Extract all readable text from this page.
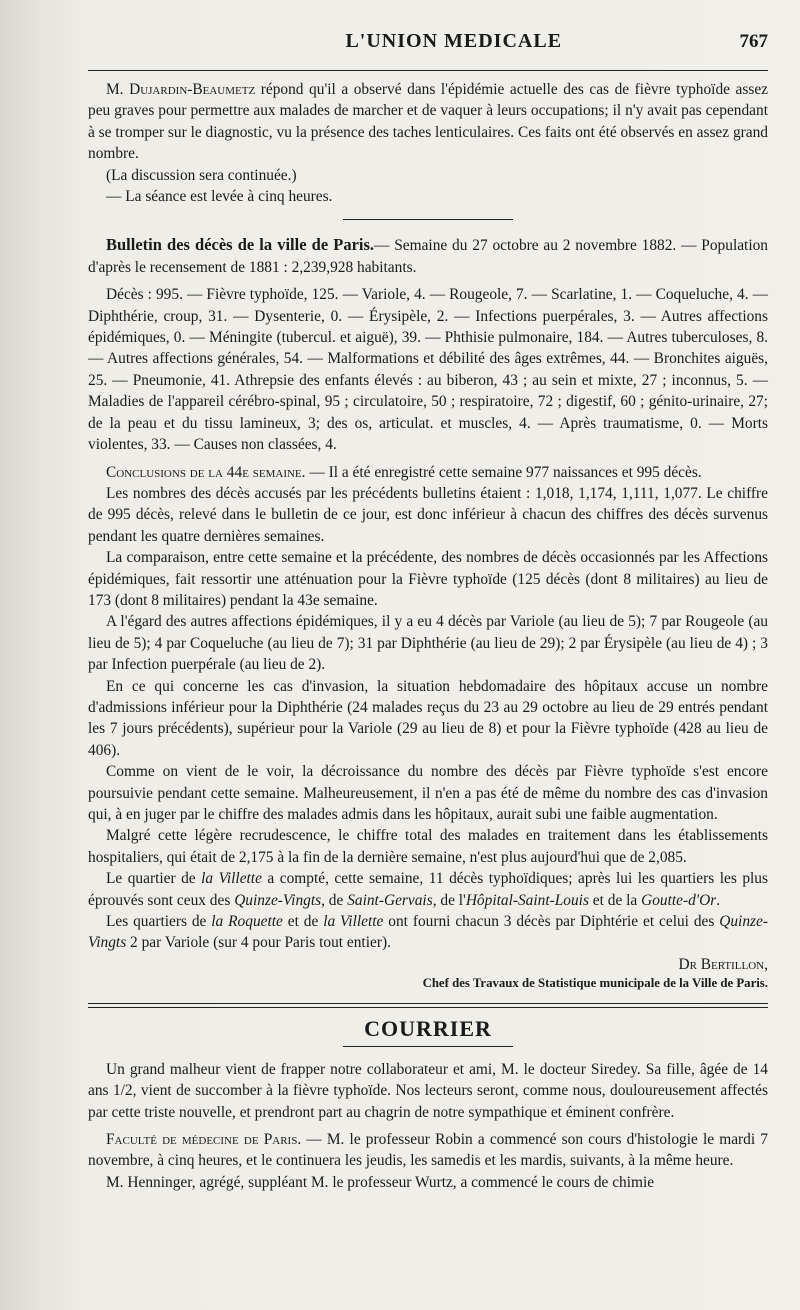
L'UNION MEDICALE	767

M. Dujardin-Beaumetz répond qu'il a observé dans l'épidémie actuelle des cas de fièvre typhoïde assez peu graves pour permettre aux malades de marcher et de vaquer à leurs occupations; il n'y avait pas cependant à se tromper sur le diagnostic, vu la présence des taches lenticulaires. Ces faits ont été observés en assez grand nombre.

(La discussion sera continuée.)

— La séance est levée à cinq heures.

Bulletin des décès de la ville de Paris.— Semaine du 27 octobre au 2 novembre 1882. — Population d'après le recensement de 1881 : 2,239,928 habitants.

Décès : 995. — Fièvre typhoïde, 125. — Variole, 4. — Rougeole, 7. — Scarlatine, 1. — Coqueluche, 4. — Diphthérie, croup, 31. — Dysenterie, 0. — Érysipèle, 2. — Infections puerpérales, 3. — Autres affections épidémiques, 0. — Méningite (tubercul. et aiguë), 39. — Phthisie pulmonaire, 184. — Autres tuberculoses, 8. — Autres affections générales, 54. — Malformations et débilité des âges extrêmes, 44. — Bronchites aiguës, 25. — Pneumonie, 41. Athrepsie des enfants élevés : au biberon, 43 ; au sein et mixte, 27 ; inconnus, 5. — Maladies de l'appareil cérébro-spinal, 95 ; circulatoire, 50 ; respiratoire, 72 ; digestif, 60 ; génito-urinaire, 27; de la peau et du tissu lamineux, 3; des os, articulat. et muscles, 4. — Après traumatisme, 0. — Morts violentes, 33. — Causes non classées, 4.

Conclusions de la 44e semaine. — Il a été enregistré cette semaine 977 naissances et 995 décès.

Les nombres des décès accusés par les précédents bulletins étaient : 1,018, 1,174, 1,111, 1,077. Le chiffre de 995 décès, relevé dans le bulletin de ce jour, est donc inférieur à chacun des chiffres des décès survenus pendant les quatre dernières semaines.

La comparaison, entre cette semaine et la précédente, des nombres de décès occasionnés par les Affections épidémiques, fait ressortir une atténuation pour la Fièvre typhoïde (125 décès (dont 8 militaires) au lieu de 173 (dont 8 militaires) pendant la 43e semaine.

A l'égard des autres affections épidémiques, il y a eu 4 décès par Variole (au lieu de 5); 7 par Rougeole (au lieu de 5); 4 par Coqueluche (au lieu de 7); 31 par Diphthérie (au lieu de 29); 2 par Érysipèle (au lieu de 4) ; 3 par Infection puerpérale (au lieu de 2).

En ce qui concerne les cas d'invasion, la situation hebdomadaire des hôpitaux accuse un nombre d'admissions inférieur pour la Diphthérie (24 malades reçus du 23 au 29 octobre au lieu de 29 entrés pendant les 7 jours précédents), supérieur pour la Variole (29 au lieu de 8) et pour la Fièvre typhoïde (428 au lieu de 406).

Comme on vient de le voir, la décroissance du nombre des décès par Fièvre typhoïde s'est encore poursuivie pendant cette semaine. Malheureusement, il n'en a pas été de même du nombre des cas d'invasion qui, à en juger par le chiffre des malades admis dans les hôpitaux, aurait subi une faible augmentation.

Malgré cette légère recrudescence, le chiffre total des malades en traitement dans les établissements hospitaliers, qui était de 2,175 à la fin de la dernière semaine, n'est plus aujourd'hui que de 2,085.

Le quartier de la Villette a compté, cette semaine, 11 décès typhoïdiques; après lui les quartiers les plus éprouvés sont ceux des Quinze-Vingts, de Saint-Gervais, de l'Hôpital-Saint-Louis et de la Goutte-d'Or.

Les quartiers de la Roquette et de la Villette ont fourni chacun 3 décès par Diphtérie et celui des Quinze-Vingts 2 par Variole (sur 4 pour Paris tout entier).

Dr Bertillon,
Chef des Travaux de Statistique municipale de la Ville de Paris.
COURRIER

Un grand malheur vient de frapper notre collaborateur et ami, M. le docteur Siredey. Sa fille, âgée de 14 ans 1/2, vient de succomber à la fièvre typhoïde. Nos lecteurs seront, comme nous, douloureusement affectés par cette triste nouvelle, et prendront part au chagrin de notre sympathique et éminent confrère.

Faculté de médecine de Paris. — M. le professeur Robin a commencé son cours d'histologie le mardi 7 novembre, à cinq heures, et le continuera les jeudis, les samedis et les mardis, suivants, à la même heure.

M. Henninger, agrégé, suppléant M. le professeur Wurtz, a commencé le cours de chimie
